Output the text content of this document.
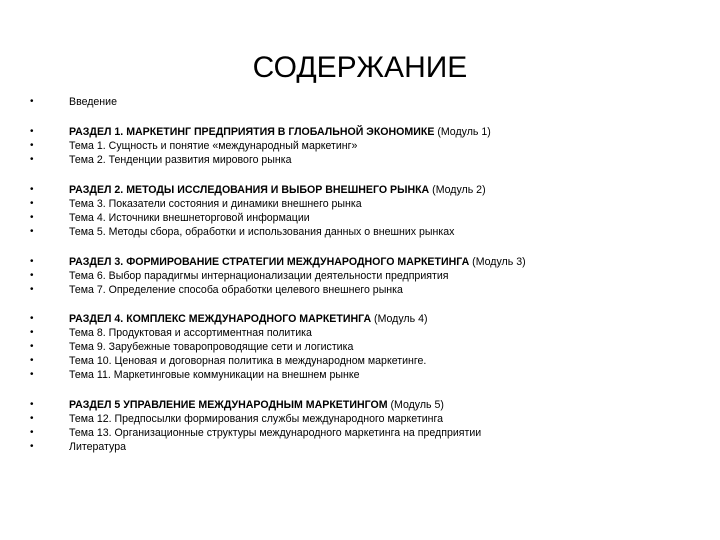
СОДЕРЖАНИЕ
•	Введение
•	РАЗДЕЛ 1. МАРКЕТИНГ ПРЕДПРИЯТИЯ В ГЛОБАЛЬНОЙ ЭКОНОМИКЕ (Модуль 1)
•	Тема 1. Сущность и понятие «международный маркетинг»
•	Тема 2. Тенденции развития мирового рынка
•	РАЗДЕЛ 2. МЕТОДЫ ИССЛЕДОВАНИЯ И ВЫБОР ВНЕШНЕГО РЫНКА (Модуль 2)
•	Тема 3. Показатели состояния и динамики внешнего рынка
•	Тема 4. Источники внешнеторговой информации
•	Тема 5. Методы сбора, обработки и использования данных о внешних рынках
•	РАЗДЕЛ 3. ФОРМИРОВАНИЕ СТРАТЕГИИ МЕЖДУНАРОДНОГО МАРКЕТИНГА (Модуль 3)
•	Тема 6. Выбор парадигмы интернационализации деятельности предприятия
•	Тема 7. Определение способа обработки целевого внешнего рынка
•	РАЗДЕЛ 4. КОМПЛЕКС МЕЖДУНАРОДНОГО МАРКЕТИНГА (Модуль 4)
•	Тема 8. Продуктовая и ассортиментная политика
•	Тема 9. Зарубежные товаропроводящие сети и логистика
•	Тема 10. Ценовая и договорная политика в международном маркетинге.
•	Тема 11. Маркетинговые коммуникации на внешнем рынке
•	РАЗДЕЛ 5 УПРАВЛЕНИЕ МЕЖДУНАРОДНЫМ МАРКЕТИНГОМ (Модуль 5)
•	Тема 12. Предпосылки формирования службы международного маркетинга
•	Тема 13. Организационные структуры международного маркетинга на предприятии
•	Литература
